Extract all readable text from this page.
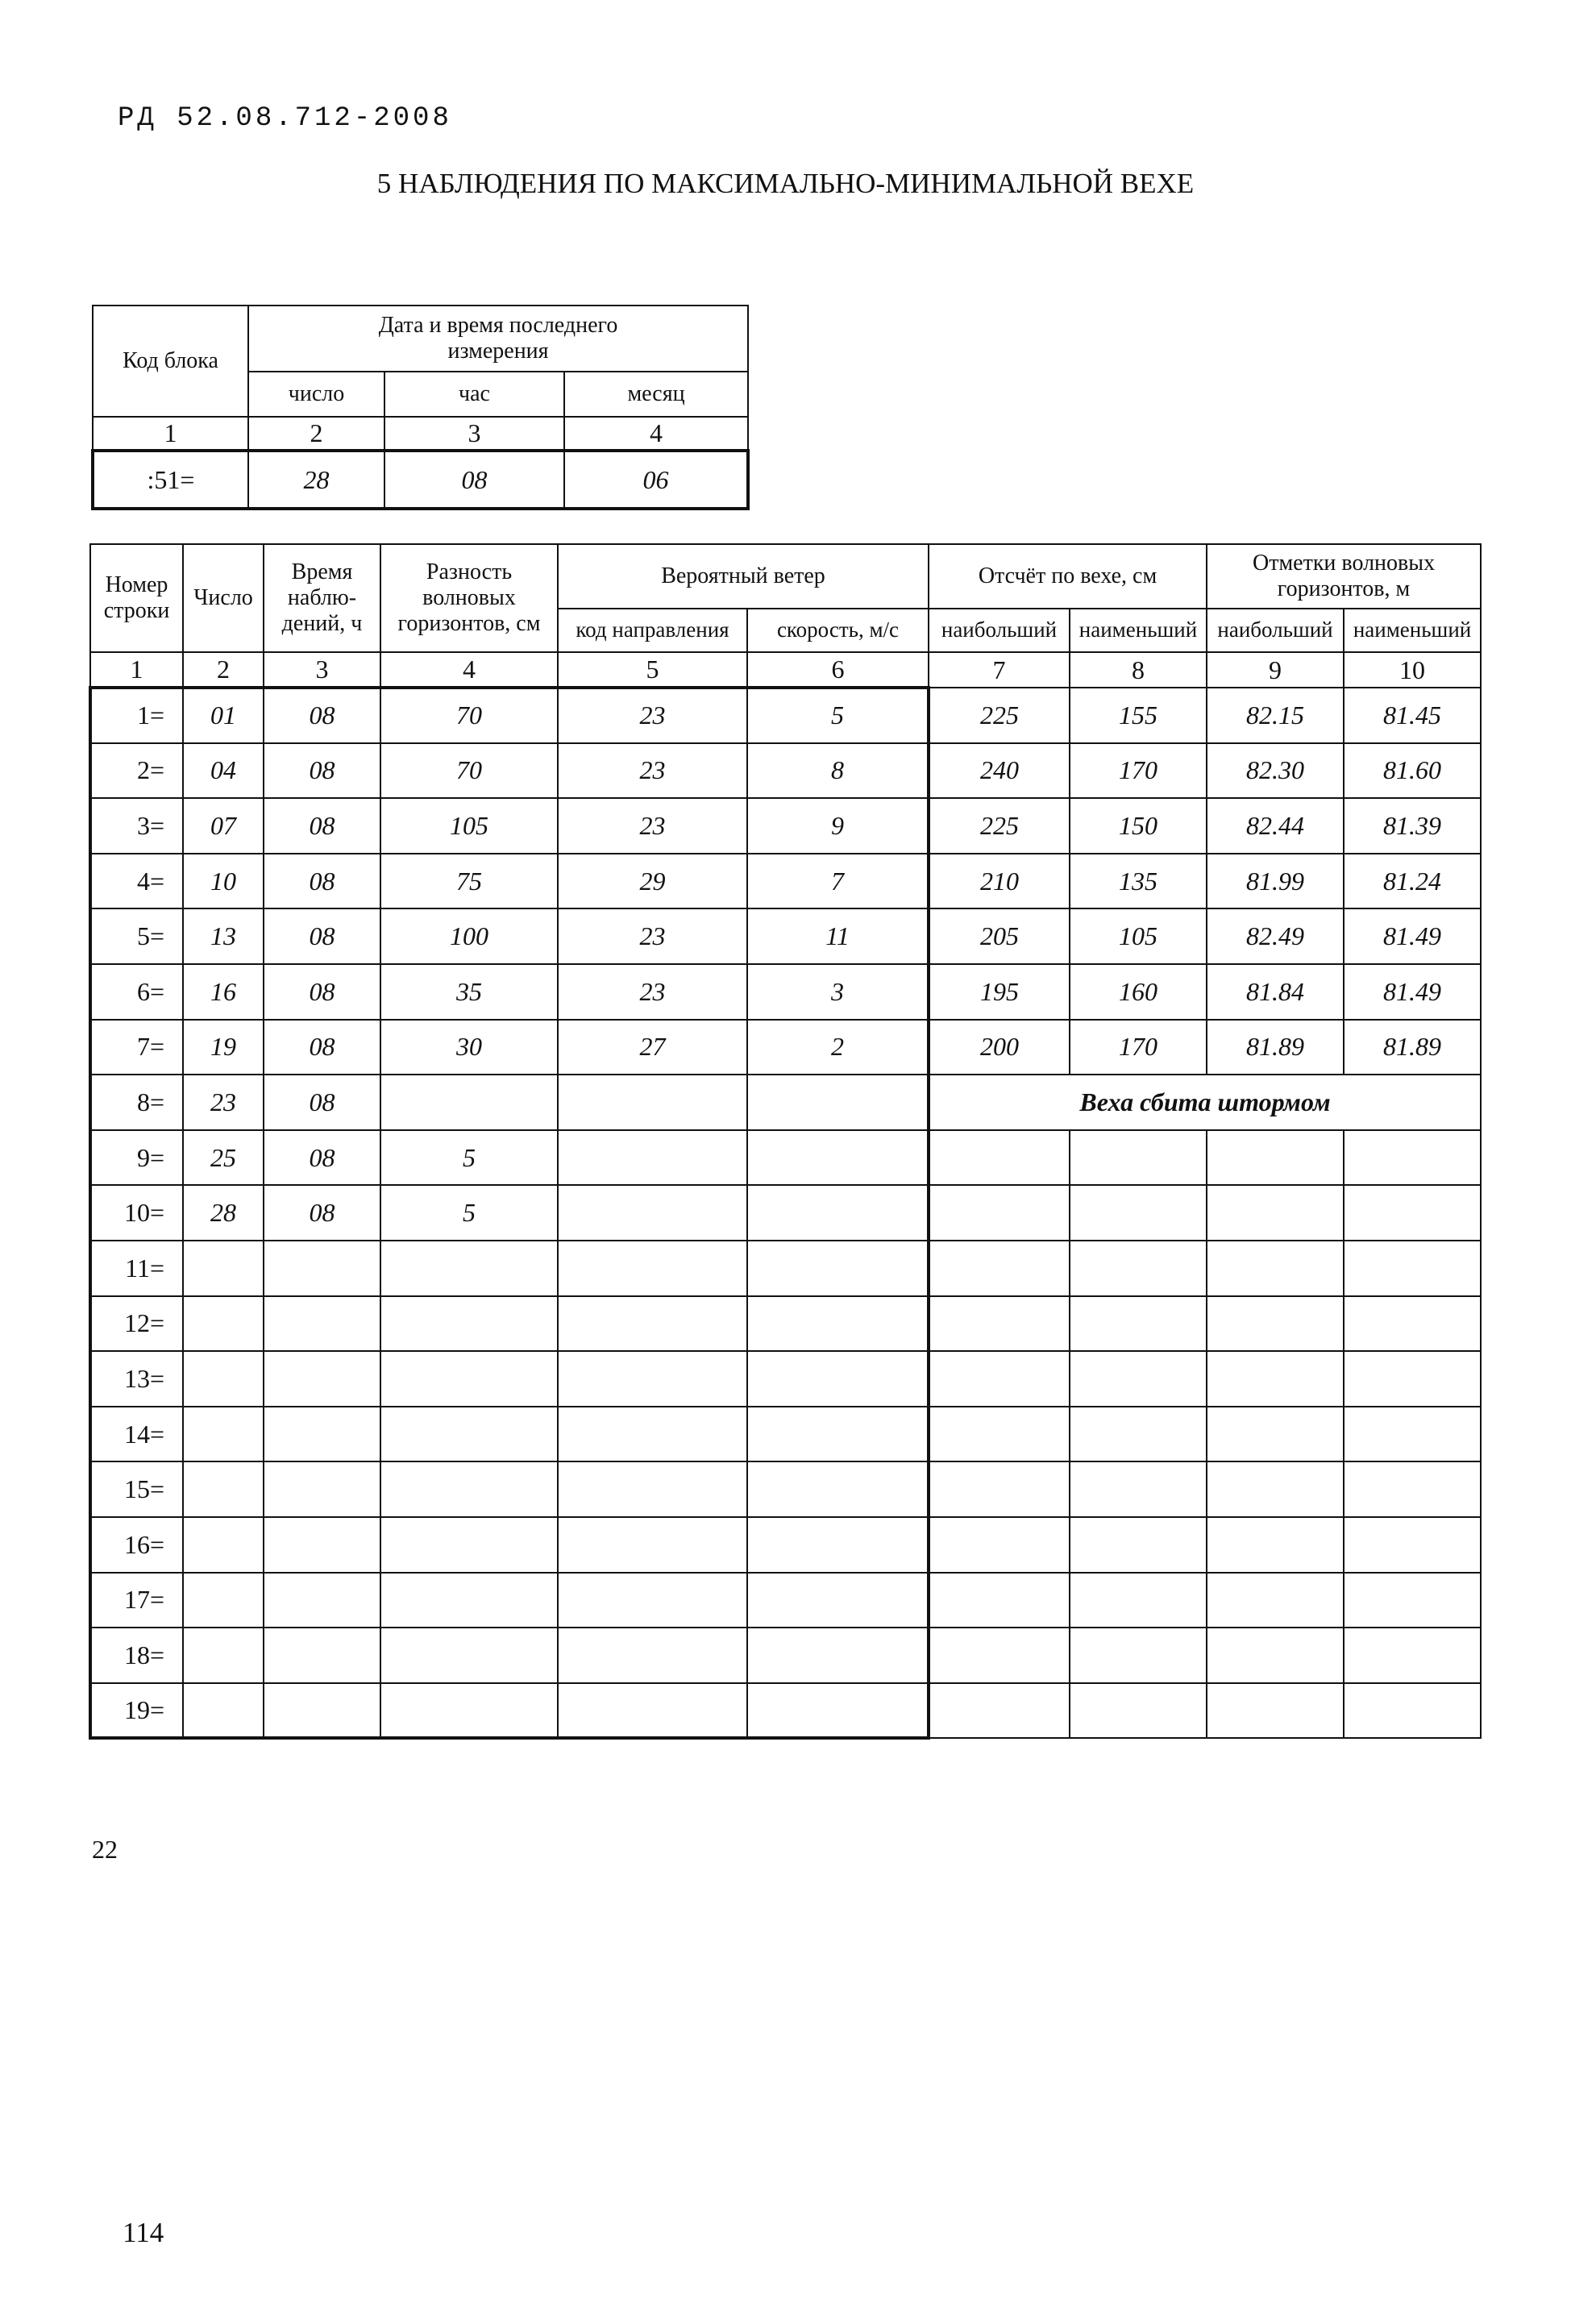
РД 52.08.712-2008
5 НАБЛЮДЕНИЯ ПО МАКСИМАЛЬНО-МИНИМАЛЬНОЙ ВЕХЕ
Код блока	Дата и время последнего измерения		
	число	час	месяц
1	2	3	4
:51=	28	08	06
Номер строки	Число	Время наблю-дений, ч	Разность волновых горизонтов, см	Вероятный ветер		Отсчёт по вехе, см		Отметки волновых горизонтов, м	
				код направления	скорость, м/с	наибольший	наименьший	наибольший	наименьший
1	2	3	4	5	6	7	8	9	10
1=	01	08	70	23	5	225	155	82.15	81.45
2=	04	08	70	23	8	240	170	82.30	81.60
3=	07	08	105	23	9	225	150	82.44	81.39
4=	10	08	75	29	7	210	135	81.99	81.24
5=	13	08	100	23	11	205	105	82.49	81.49
6=	16	08	35	23	3	195	160	81.84	81.49
7=	19	08	30	27	2	200	170	81.89	81.89
8=	23	08				Веха сбита штормом			
9=	25	08	5						
10=	28	08	5						
11=									
12=									
13=									
14=									
15=									
16=									
17=									
18=									
19=									
22
114
